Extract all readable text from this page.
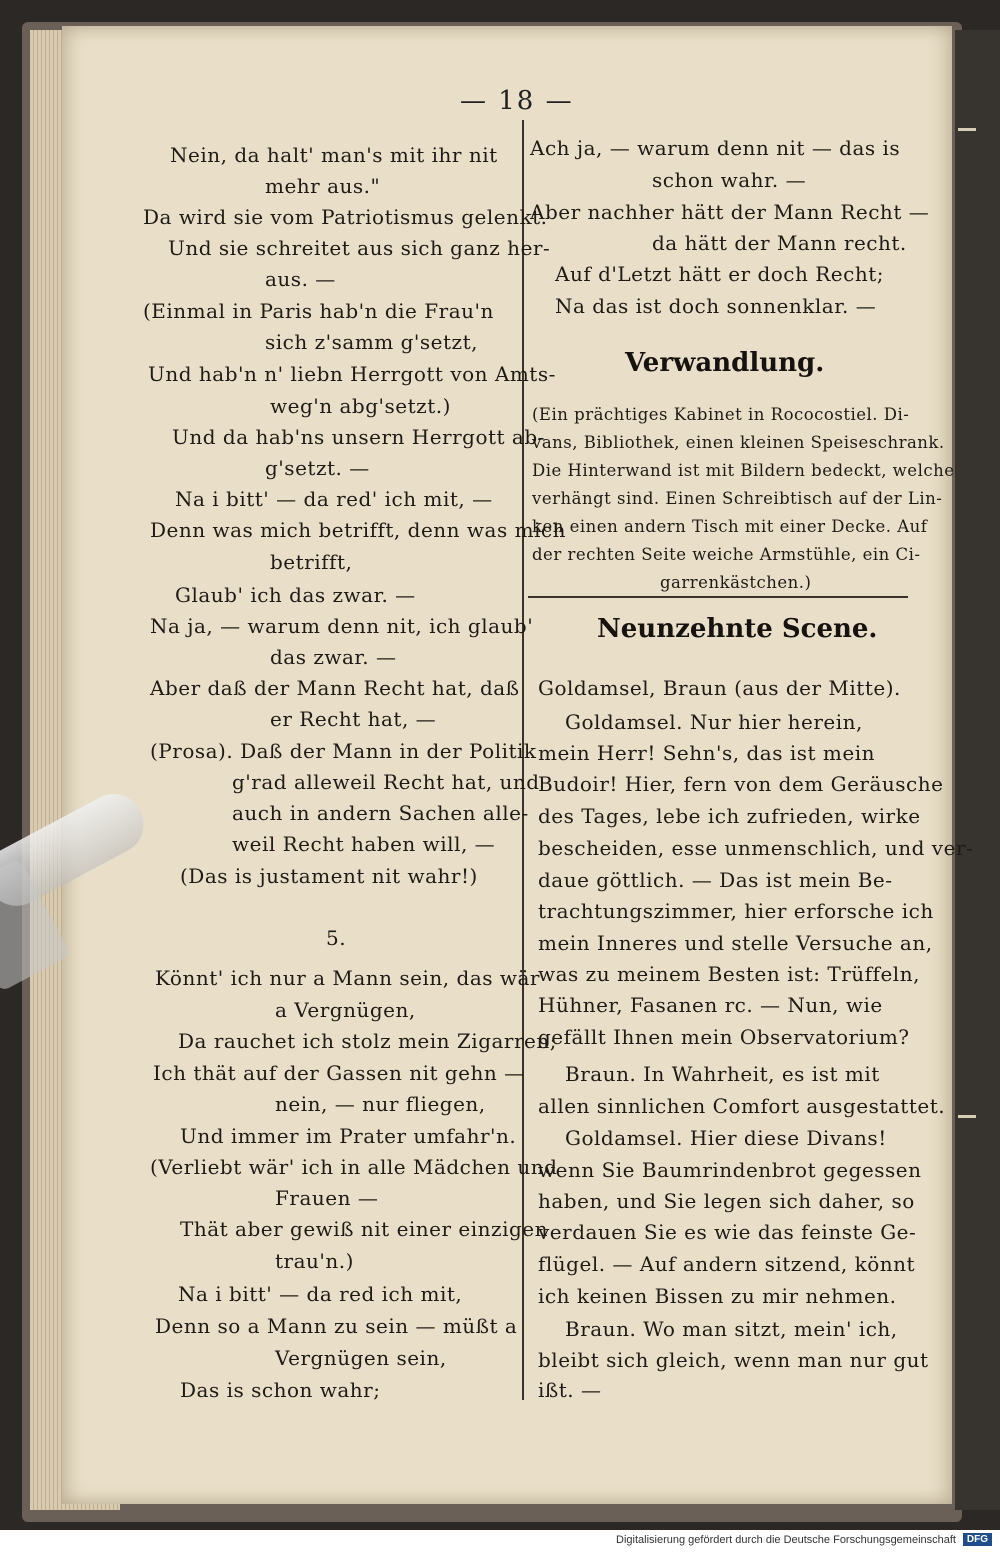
— 18 —
Digitalisierung gefördert durch die Deutsche Forschungsgemeinschaft	DFG
Nein, da halt' man's mit ihr nit
mehr aus."
Da wird sie vom Patriotismus gelenkt.
Und sie schreitet aus sich ganz her-
aus. —
(Einmal in Paris hab'n die Frau'n
sich z'samm g'setzt,
Und hab'n n' liebn Herrgott von Amts-
weg'n abg'setzt.)
Und da hab'ns unsern Herrgott ab-
g'setzt. —
Na i bitt' — da red' ich mit, —
Denn was mich betrifft, denn was mich
betrifft,
Glaub' ich das zwar. —
Na ja, — warum denn nit, ich glaub'
das zwar. —
Aber daß der Mann Recht hat, daß
er Recht hat, —
(Prosa). Daß der Mann in der Politik
g'rad alleweil Recht hat, und
auch in andern Sachen alle-
weil Recht haben will, —
(Das is justament nit wahr!)
5.
Könnt' ich nur a Mann sein, das wär
a Vergnügen,
Da rauchet ich stolz mein Zigarren;
Ich thät auf der Gassen nit gehn —
nein, — nur fliegen,
Und immer im Prater umfahr'n.
(Verliebt wär' ich in alle Mädchen und
Frauen —
Thät aber gewiß nit einer einzigen
trau'n.)
Na i bitt' — da red ich mit,
Denn so a Mann zu sein — müßt a
Vergnügen sein,
Das is schon wahr;
Ach ja, — warum denn nit — das is
schon wahr. —
Aber nachher hätt der Mann Recht —
da hätt der Mann recht.
Auf d'Letzt hätt er doch Recht;
Na das ist doch sonnenklar. —
(Ein prächtiges Kabinet in Rococostiel. Di-
vans, Bibliothek, einen kleinen Speiseschrank.
Die Hinterwand ist mit Bildern bedeckt, welche
verhängt sind. Einen Schreibtisch auf der Lin-
ken einen andern Tisch mit einer Decke. Auf
der rechten Seite weiche Armstühle, ein Ci-
garrenkästchen.)
Goldamsel, Braun (aus der Mitte).
Goldamsel. Nur hier herein,
mein Herr! Sehn's, das ist mein
Budoir! Hier, fern von dem Geräusche
des Tages, lebe ich zufrieden, wirke
bescheiden, esse unmenschlich, und ver-
daue göttlich. — Das ist mein Be-
trachtungszimmer, hier erforsche ich
mein Inneres und stelle Versuche an,
was zu meinem Besten ist: Trüffeln,
Hühner, Fasanen rc. — Nun, wie
gefällt Ihnen mein Observatorium?
Braun. In Wahrheit, es ist mit
allen sinnlichen Comfort ausgestattet.
Goldamsel. Hier diese Divans!
wenn Sie Baumrindenbrot gegessen
haben, und Sie legen sich daher, so
verdauen Sie es wie das feinste Ge-
flügel. — Auf andern sitzend, könnt
ich keinen Bissen zu mir nehmen.
Braun. Wo man sitzt, mein' ich,
bleibt sich gleich, wenn man nur gut
ißt. —
Verwandlung.
Neunzehnte Scene.
